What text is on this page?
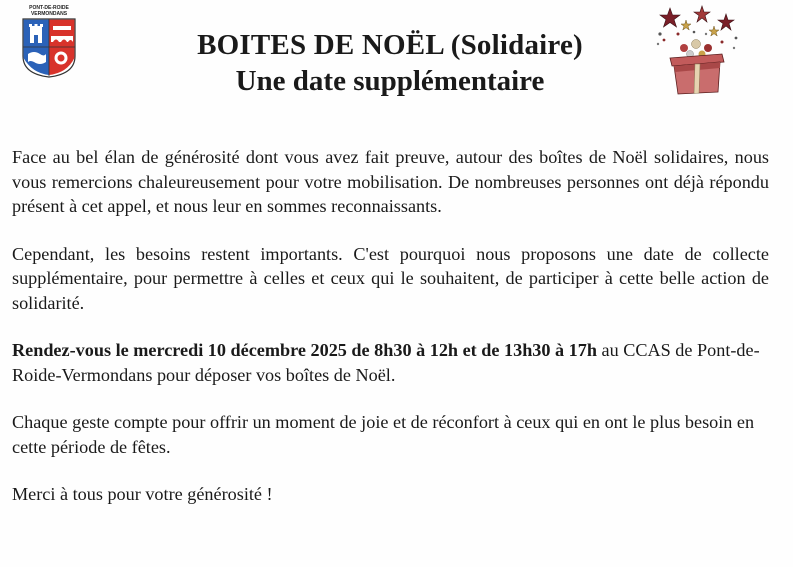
PONT-DE-ROIDE
VERMONDANS
BOITES DE NOËL (Solidaire)
Une date supplémentaire

Face au bel élan de générosité dont vous avez fait preuve, autour des boîtes de Noël solidaires, nous vous remercions chaleureusement pour votre mobilisation. De nombreuses personnes ont déjà répondu présent à cet appel, et nous leur en sommes reconnaissants.

Cependant, les besoins restent importants. C'est pourquoi nous proposons une date de collecte supplémentaire, pour permettre à celles et ceux qui le souhaitent, de participer à cette belle action de solidarité.

Rendez-vous le mercredi 10 décembre 2025 de 8h30 à 12h et de 13h30 à 17h au CCAS de Pont-de-Roide-Vermondans pour déposer vos boîtes de Noël.

Chaque geste compte pour offrir un moment de joie et de réconfort à ceux qui en ont le plus besoin en cette période de fêtes.

Merci à tous pour votre générosité !
